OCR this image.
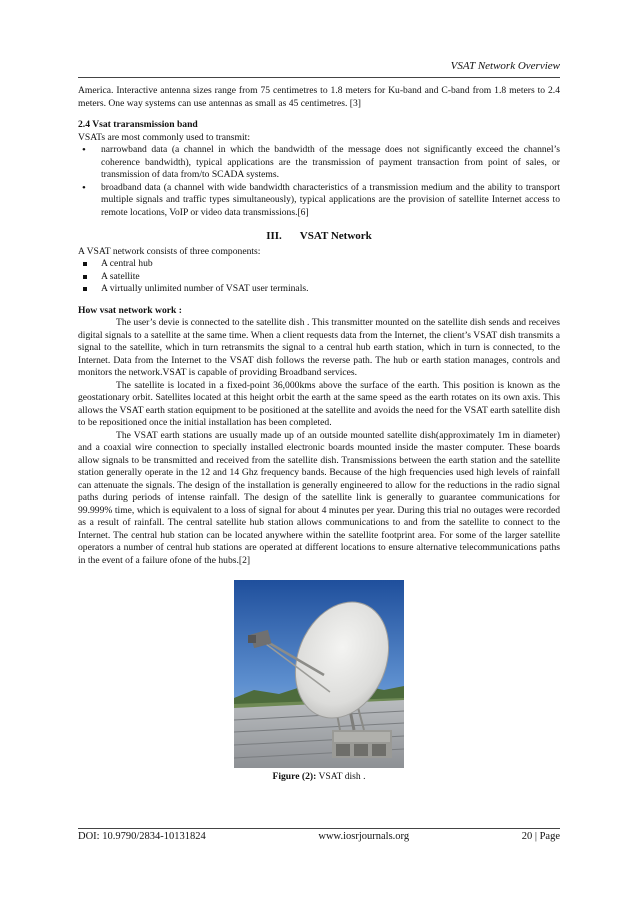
VSAT Network Overview

America. Interactive antenna sizes range from 75 centimetres to 1.8 meters for Ku-band and C-band from 1.8 meters to 2.4 meters. One way systems can use antennas as small as 45 centimetres. [3]

2.4 Vsat traransmission band

VSATs are most commonly used to transmit:

• narrowband data (a channel in which the bandwidth of the message does not significantly exceed the channel’s coherence bandwidth), typical applications are the transmission of payment transaction from point of sales, or transmission of data from/to SCADA systems.
• broadband data (a channel with wide bandwidth characteristics of a transmission medium and the ability to transport multiple signals and traffic types simultaneously), typical applications are the provision of satellite Internet access to remote locations, VoIP or video data transmissions.[6]
III. VSAT Network

A VSAT network consists of three components:

A central hub
A satellite
A virtually unlimited number of VSAT user terminals.

How vsat network work :

The user’s devie is connected to the satellite dish . This transmitter mounted on the satellite dish sends and receives digital signals to a satellite at the same time. When a client requests data from the Internet, the client’s VSAT dish transmits a signal to the satellite, which in turn retransmits the signal to a central hub earth station, which in turn is connected, to the Internet. Data from the Internet to the VSAT dish follows the reverse path. The hub or earth station manages, controls and monitors the network.VSAT is capable of providing Broadband services.

The satellite is located in a fixed-point 36,000kms above the surface of the earth. This position is known as the geostationary orbit. Satellites located at this height orbit the earth at the same speed as the earth rotates on its own axis. This allows the VSAT earth station equipment to be positioned at the satellite and avoids the need for the VSAT earth satellite dish to be repositioned once the initial installation has been completed.

The VSAT earth stations are usually made up of an outside mounted satellite dish(approximately 1m in diameter) and a coaxial wire connection to specially installed electronic boards mounted inside the master computer. These boards allow signals to be transmitted and received from the satellite dish. Transmissions between the earth station and the satellite station generally operate in the 12 and 14 Ghz frequency bands. Because of the high frequencies used high levels of rainfall can attenuate the signals. The design of the installation is generally engineered to allow for the reductions in the radio signal paths during periods of intense rainfall. The design of the satellite link is generally to guarantee communications for 99.999% time, which is equivalent to a loss of signal for about 4 minutes per year. During this trial no outages were recorded as a result of rainfall. The central satellite hub station allows communications to and from the satellite to connect to the Internet. The central hub station can be located anywhere within the satellite footprint area. For some of the larger satellite operators a number of central hub stations are operated at different locations to ensure alternative telecommunications paths in the event of a failure ofone of the hubs.[2]

Figure (2): VSAT dish .
DOI: 10.9790/2834-10131824	www.iosrjournals.org	20 | Page
